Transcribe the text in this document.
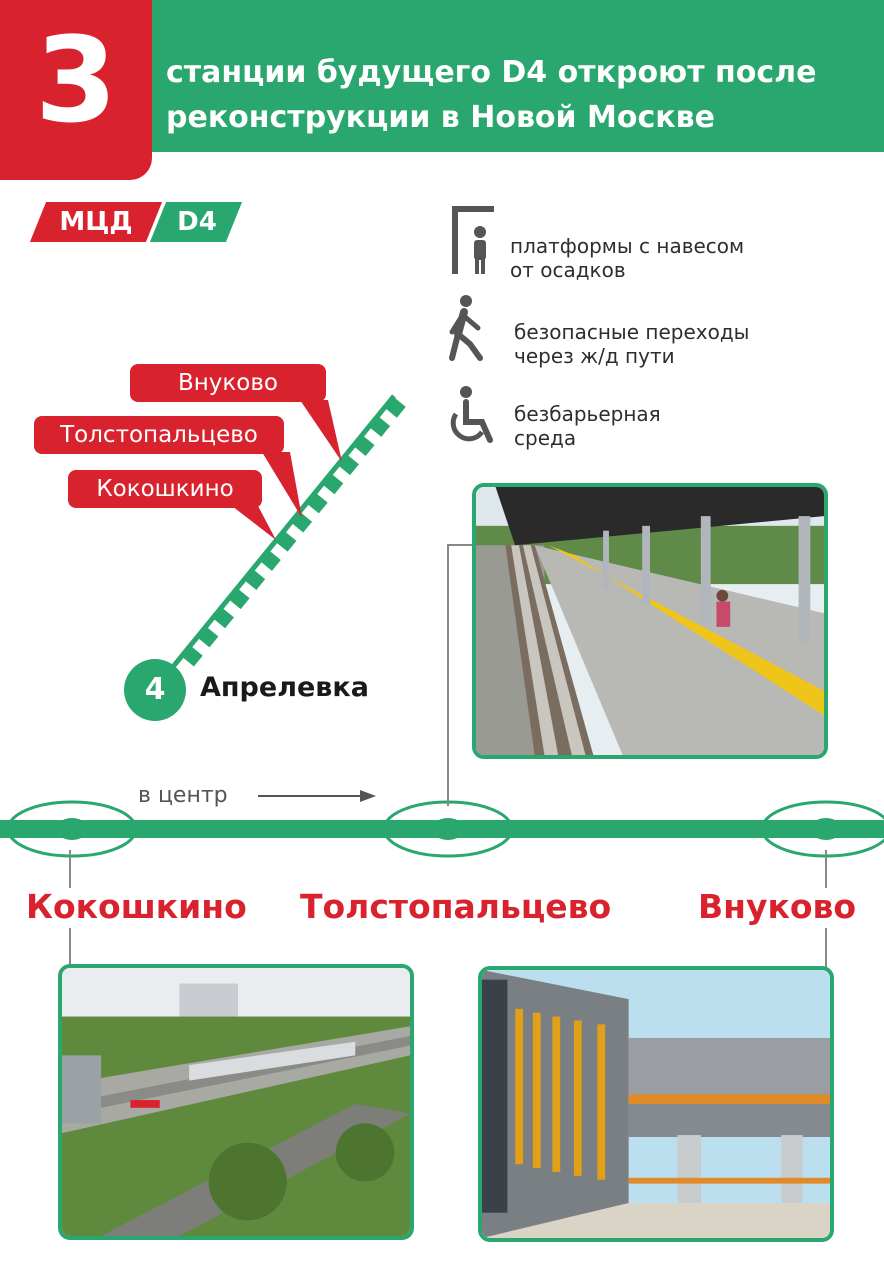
3	станции будущего D4 откроют после
реконструкции в Новой Москве
МЦД	D4
платформы с навесом
от осадков
безопасные переходы
через ж/д пути
безбарьерная
среда
Внуково
Толстопальцево
Кокошкино
4	Апрелевка
в центр
Кокошкино Толстопальцево	Внуково
